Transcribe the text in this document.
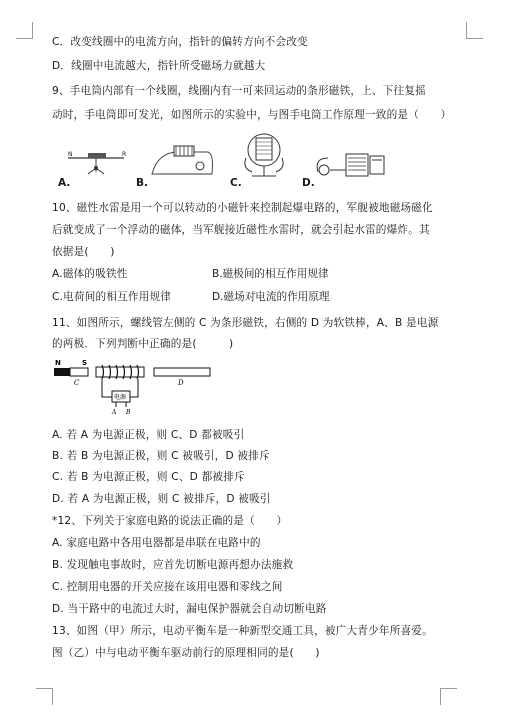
C．改变线圈中的电流方向，指针的偏转方向不会改变
D．线圈中电流越大，指针所受磁场力就越大
9、手电筒内部有一个线圈，线圈内有一可来回运动的条形磁铁，上、下往复摇
动时，手电筒即可发光，如图所示的实验中，与图手电筒工作原理一致的是（　　）
N	R
A.	B.	C.	D.
10、磁性水雷是用一个可以转动的小磁针来控制起爆电路的，军舰被地磁场磁化
后就变成了一个浮动的磁体，当军舰接近磁性水雷时，就会引起水雷的爆炸。其
依据是(　　)
A.磁体的吸铁性	B.磁极间的相互作用规律
C.电荷间的相互作用规律	D.磁场对电流的作用原理
11、如图所示，螺线管左侧的 C 为条形磁铁，右侧的 D 为软铁棒，A、B 是电源
的两极．下列判断中正确的是(　　　)
N	S
C	D
电源
A B
A. 若 A 为电源正极，则 C、D 都被吸引
B. 若 B 为电源正极，则 C 被吸引，D 被排斥
C. 若 B 为电源正极，则 C、D 都被排斥
D. 若 A 为电源正极，则 C 被排斥，D 被吸引
*12、下列关于家庭电路的说法正确的是（　　）
A. 家庭电路中各用电器都是串联在电路中的
B. 发现触电事故时，应首先切断电源再想办法施救
C. 控制用电器的开关应接在该用电器和零线之间
D. 当干路中的电流过大时，漏电保护器就会自动切断电路
13、如图（甲）所示，电动平衡车是一种新型交通工具，被广大青少年所喜爱。
图（乙）中与电动平衡车驱动前行的原理相同的是(　　)
